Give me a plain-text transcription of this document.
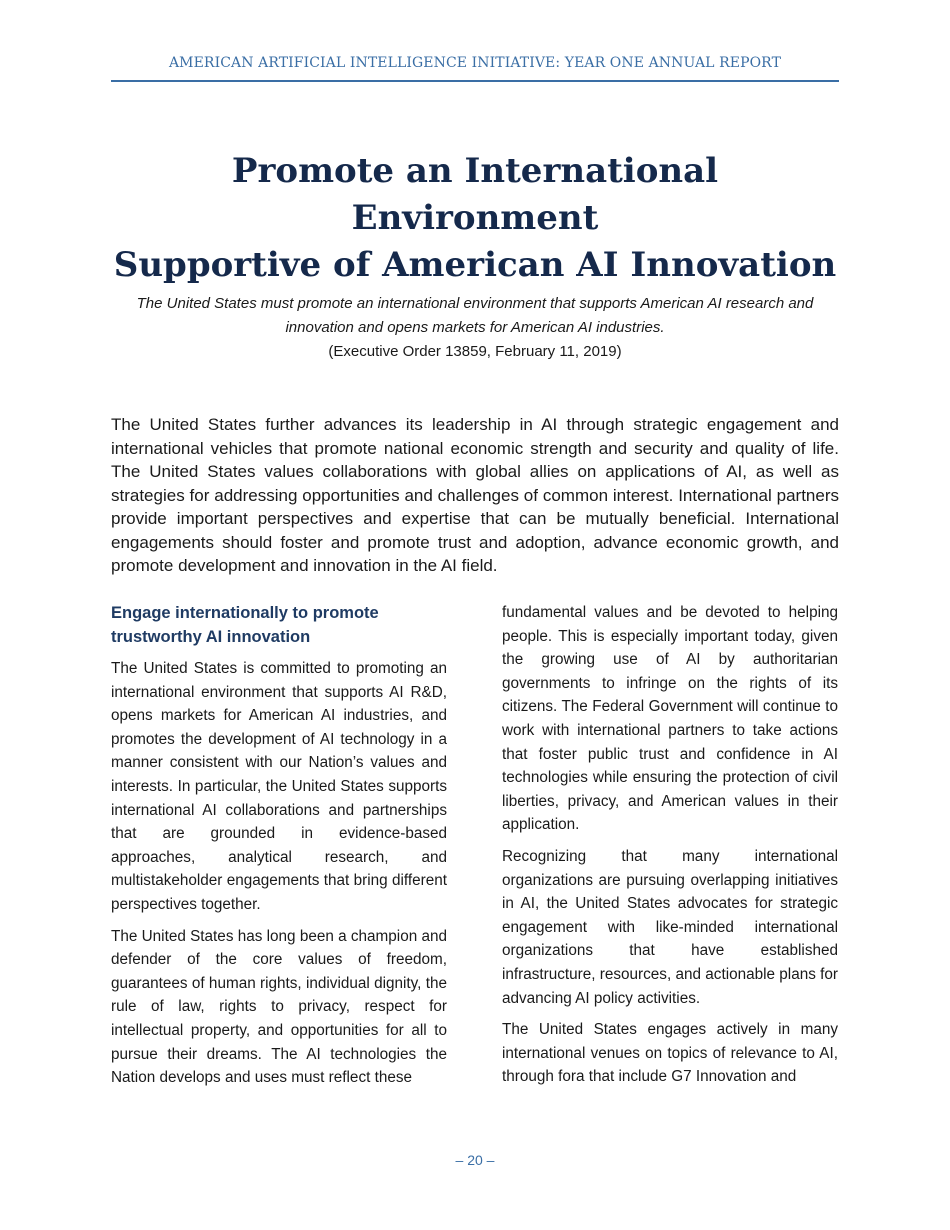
AMERICAN ARTIFICIAL INTELLIGENCE INITIATIVE: YEAR ONE ANNUAL REPORT
Promote an International Environment
Supportive of American AI Innovation
The United States must promote an international environment that supports American AI research and innovation and opens markets for American AI industries.
(Executive Order 13859, February 11, 2019)

The United States further advances its leadership in AI through strategic engagement and international vehicles that promote national economic strength and security and quality of life. The United States values collaborations with global allies on applications of AI, as well as strategies for addressing opportunities and challenges of common interest. International partners provide important perspectives and expertise that can be mutually beneficial. International engagements should foster and promote trust and adoption, advance economic growth, and promote development and innovation in the AI field.

Engage internationally to promote trustworthy AI innovation

The United States is committed to promoting an international environment that supports AI R&D, opens markets for American AI industries, and promotes the development of AI technology in a manner consistent with our Nation’s values and interests. In particular, the United States supports international AI collaborations and partnerships that are grounded in evidence-based approaches, analytical research, and multistakeholder engagements that bring different perspectives together.

The United States has long been a champion and defender of the core values of freedom, guarantees of human rights, individual dignity, the rule of law, rights to privacy, respect for intellectual property, and opportunities for all to pursue their dreams. The AI technologies the Nation develops and uses must reflect these

fundamental values and be devoted to helping people. This is especially important today, given the growing use of AI by authoritarian governments to infringe on the rights of its citizens. The Federal Government will continue to work with international partners to take actions that foster public trust and confidence in AI technologies while ensuring the protection of civil liberties, privacy, and American values in their application.

Recognizing that many international organizations are pursuing overlapping initiatives in AI, the United States advocates for strategic engagement with like-minded international organizations that have established infrastructure, resources, and actionable plans for advancing AI policy activities.

The United States engages actively in many international venues on topics of relevance to AI, through fora that include G7 Innovation and

– 20 –
